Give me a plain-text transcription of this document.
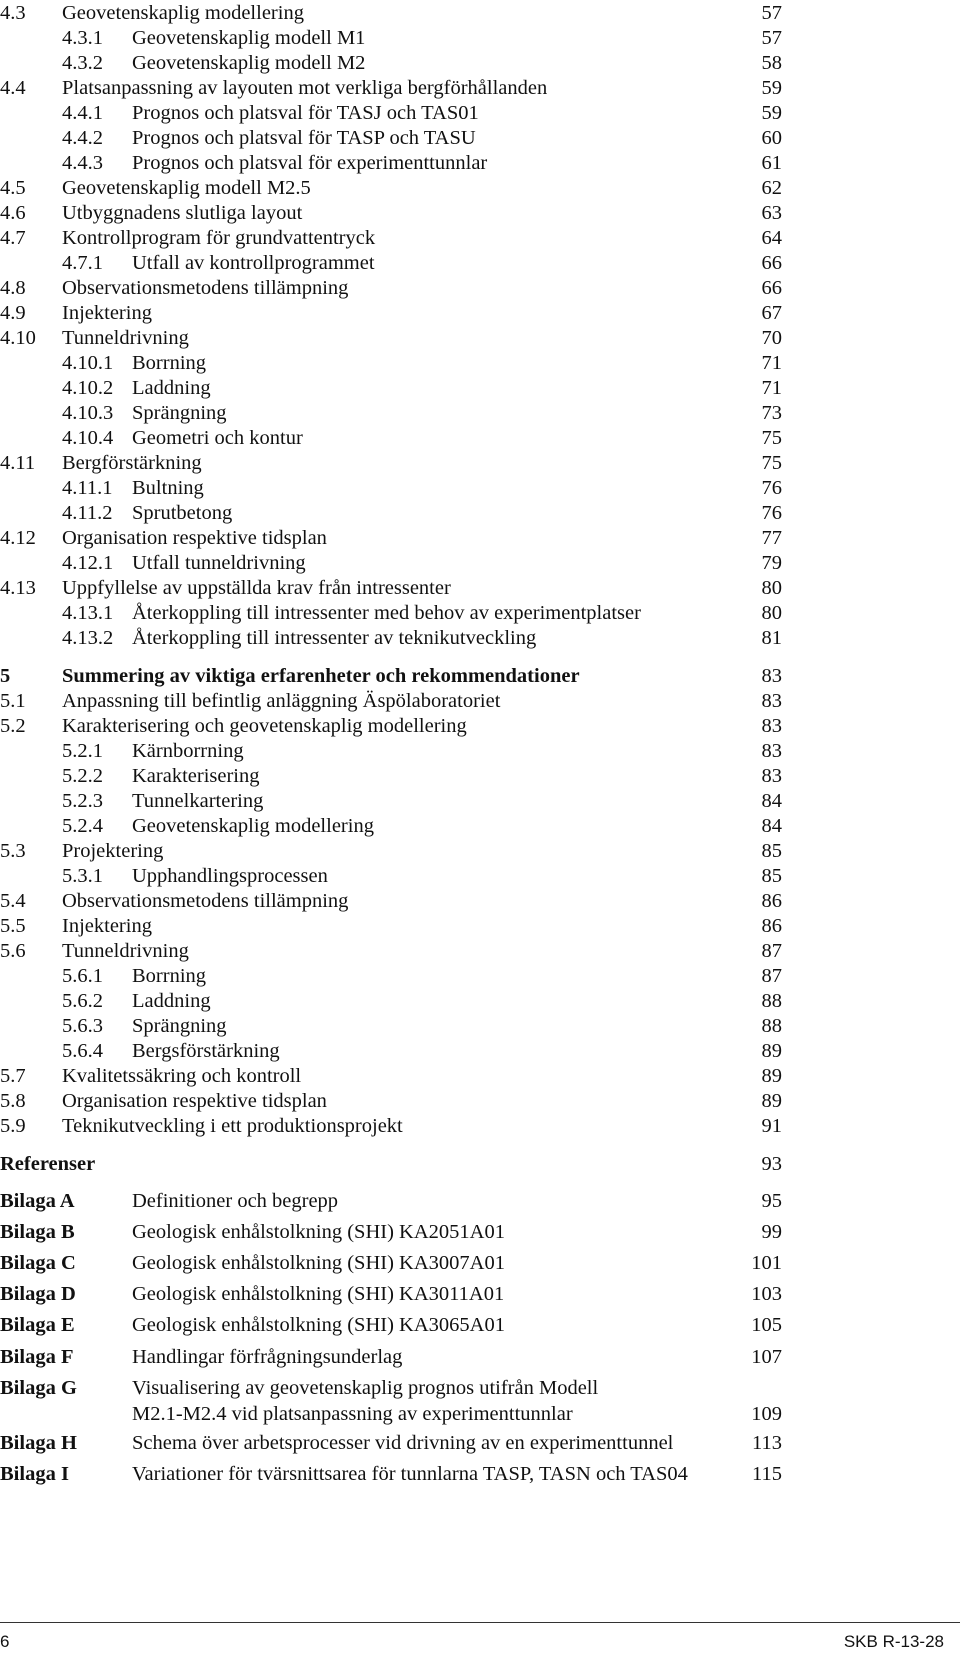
4.3 Geovetenskaplig modellering	57
4.3.1 Geovetenskaplig modell M1	57
4.3.2 Geovetenskaplig modell M2	58
4.4 Platsanpassning av layouten mot verkliga bergförhållanden	59
4.4.1 Prognos och platsval för TASJ och TAS01	59
4.4.2 Prognos och platsval för TASP och TASU	60
4.4.3 Prognos och platsval för experimenttunnlar	61
4.5 Geovetenskaplig modell M2.5	62
4.6 Utbyggnadens slutliga layout	63
4.7 Kontrollprogram för grundvattentryck	64
4.7.1 Utfall av kontrollprogrammet	66
4.8 Observationsmetodens tillämpning	66
4.9 Injektering	67
4.10 Tunneldrivning	70
4.10.1 Borrning	71
4.10.2 Laddning	71
4.10.3 Sprängning	73
4.10.4 Geometri och kontur	75
4.11 Bergförstärkning	75
4.11.1 Bultning	76
4.11.2 Sprutbetong	76
4.12 Organisation respektive tidsplan	77
4.12.1 Utfall tunneldrivning	79
4.13 Uppfyllelse av uppställda krav från intressenter	80
4.13.1 Återkoppling till intressenter med behov av experimentplatser	80
4.13.2 Återkoppling till intressenter av teknikutveckling	81
5	Summering av viktiga erfarenheter och rekommendationer	83
5.1 Anpassning till befintlig anläggning Äspölaboratoriet	83
5.2 Karakterisering och geovetenskaplig modellering	83
5.2.1 Kärnborrning	83
5.2.2 Karakterisering	83
5.2.3 Tunnelkartering	84
5.2.4 Geovetenskaplig modellering	84
5.3 Projektering	85
5.3.1 Upphandlingsprocessen	85
5.4 Observationsmetodens tillämpning	86
5.5 Injektering	86
5.6 Tunneldrivning	87
5.6.1 Borrning	87
5.6.2 Laddning	88
5.6.3 Sprängning	88
5.6.4 Bergsförstärkning	89
5.7 Kvalitetssäkring och kontroll	89
5.8 Organisation respektive tidsplan	89
5.9 Teknikutveckling i ett produktionsprojekt	91
Referenser	93
Bilaga A	Definitioner och begrepp	95
Bilaga B	Geologisk enhålstolkning (SHI) KA2051A01	99
Bilaga C	Geologisk enhålstolkning (SHI) KA3007A01	101
Bilaga D	Geologisk enhålstolkning (SHI) KA3011A01	103
Bilaga E	Geologisk enhålstolkning (SHI) KA3065A01	105
Bilaga F	Handlingar förfrågningsunderlag	107
Bilaga G	Visualisering av geovetenskaplig prognos utifrån Modell
M2.1-M2.4 vid platsanpassning av experimenttunnlar	109
Bilaga H	Schema över arbetsprocesser vid drivning av en experimenttunnel	113
Bilaga I	Variationer för tvärsnittsarea för tunnlarna TASP, TASN och TAS04	115
6	SKB R-13-28
